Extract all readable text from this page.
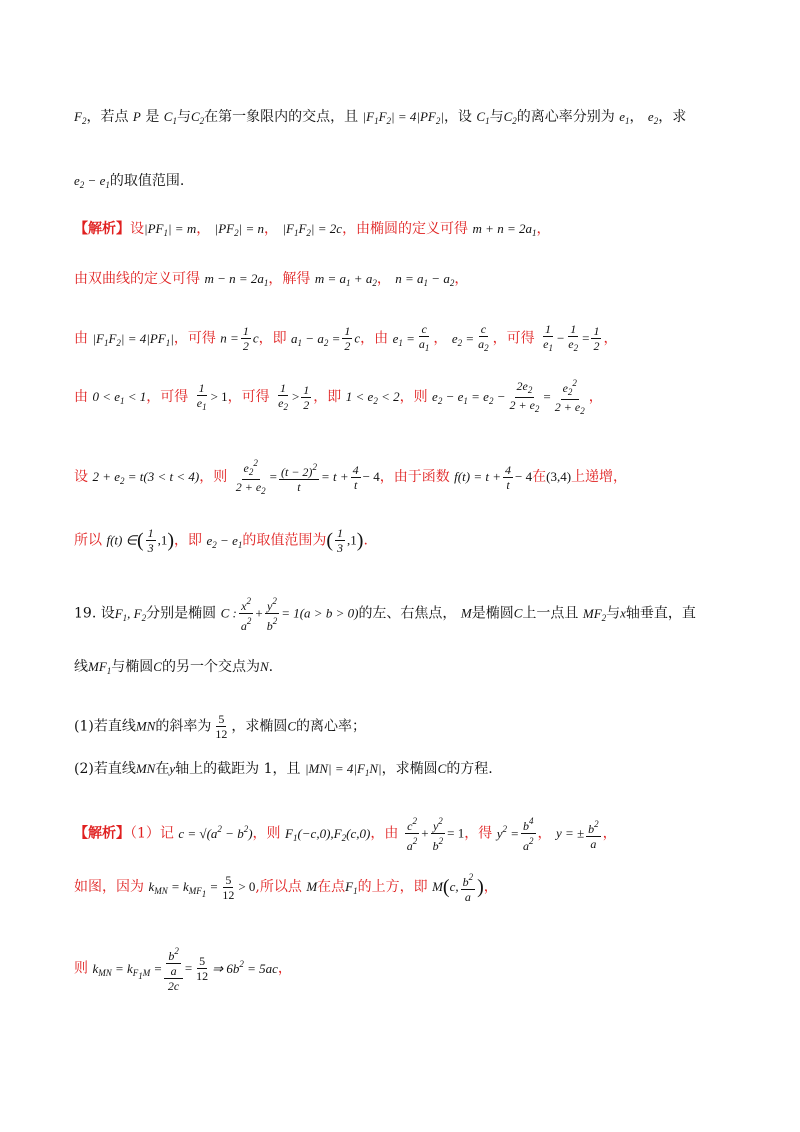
$F_2$，若点 P 是 $C_1$与$C_2$在第一象限内的交点，且 $|F_1F_2| = 4|PF_2|$，设 $C_1$与$C_2$的离心率分别为 $e_1$， $e_2$，求
$e_2 - e_1$的取值范围.
【解析】设$|PF_1| = m$， $|PF_2| = n$， $|F_1F_2| = 2c$，由椭圆的定义可得 $m + n = 2a_1$，
由双曲线的定义可得 $m - n = 2a_1$，解得 $m = a_1 + a_2$， $n = a_1 - a_2$，
由 $|F_1F_2| = 4|PF_1|$，可得 $n = \frac{1}{2}$ c，即 $a_1 - a_2 = \frac{1}{2}$ c，由 $e_1 = \frac{c}{a_1}$ ， $e_2 = \frac{c}{a_2}$ ，可得 $\frac{1}{e_1} - \frac{1}{e_2} = \frac{1}{2}$ ，
由 $0 < e_1 < 1$，可得 $\frac{1}{e_1} > 1$，可得 $\frac{1}{e_2} > \frac{1}{2}$ ，即 $1 < e_2 < 2$，则 $e_2 - e_1 = e_2 - \frac{2e_2}{2 + e_2} = \frac{e_2^2}{2 + e_2}$ ，
设 $2 + e_2 = t(3 < t < 4)$，则 $\frac{e_2^2}{2 + e_2} = \frac{(t - 2)^2}{t} = t + \frac{4}{t} - 4$，由于函数 $f(t) = t + \frac{4}{t} - 4$在(3,4)上递增，
所以 f(t) ∈( $\frac{1}{3} ,1$)，即 $e_2 - e_1$的取值范围为( $\frac{1}{3} ,1$).
19. 设$F_1$, $F_2$分别是椭圆 C : $\frac{x^2}{a^2} + \frac{y^2}{b^2} = 1(a > b > 0)$的左、右焦点， M是椭圆C上一点且 $MF_2$与x轴垂直，直
线$MF_1$与椭圆C的另一个交点为N.
(1)若直线MN的斜率为 $\frac{5}{12}$ ，求椭圆C的离心率；
(2)若直线MN在y轴上的截距为 1，且 $|MN| = 4|F_1N|$，求椭圆C的方程.
【解析】（1）记 $c = √(a^2 - b^2)$，则 $F_1(-c,0),F_2(c,0)$，由 $\frac{c^2}{a^2} + \frac{y^2}{b^2} = 1$，得 $y^2 = \frac{b^4}{a^2}$ ， y = ± $\frac{b^2}{a}$ ，
如图，因为 $k_{MN} = k_{MF_1} = \frac{5}{12} > 0$,所以点 M在点$F_1$的上方，即 M(c, $\frac{b^2}{a}$ )，
则 $k_{MN} = k_{F_1M} = \frac{\frac{b^2}{a}}{2c} = \frac{5}{12}$ ⇒ $6b^2 = 5ac$，
